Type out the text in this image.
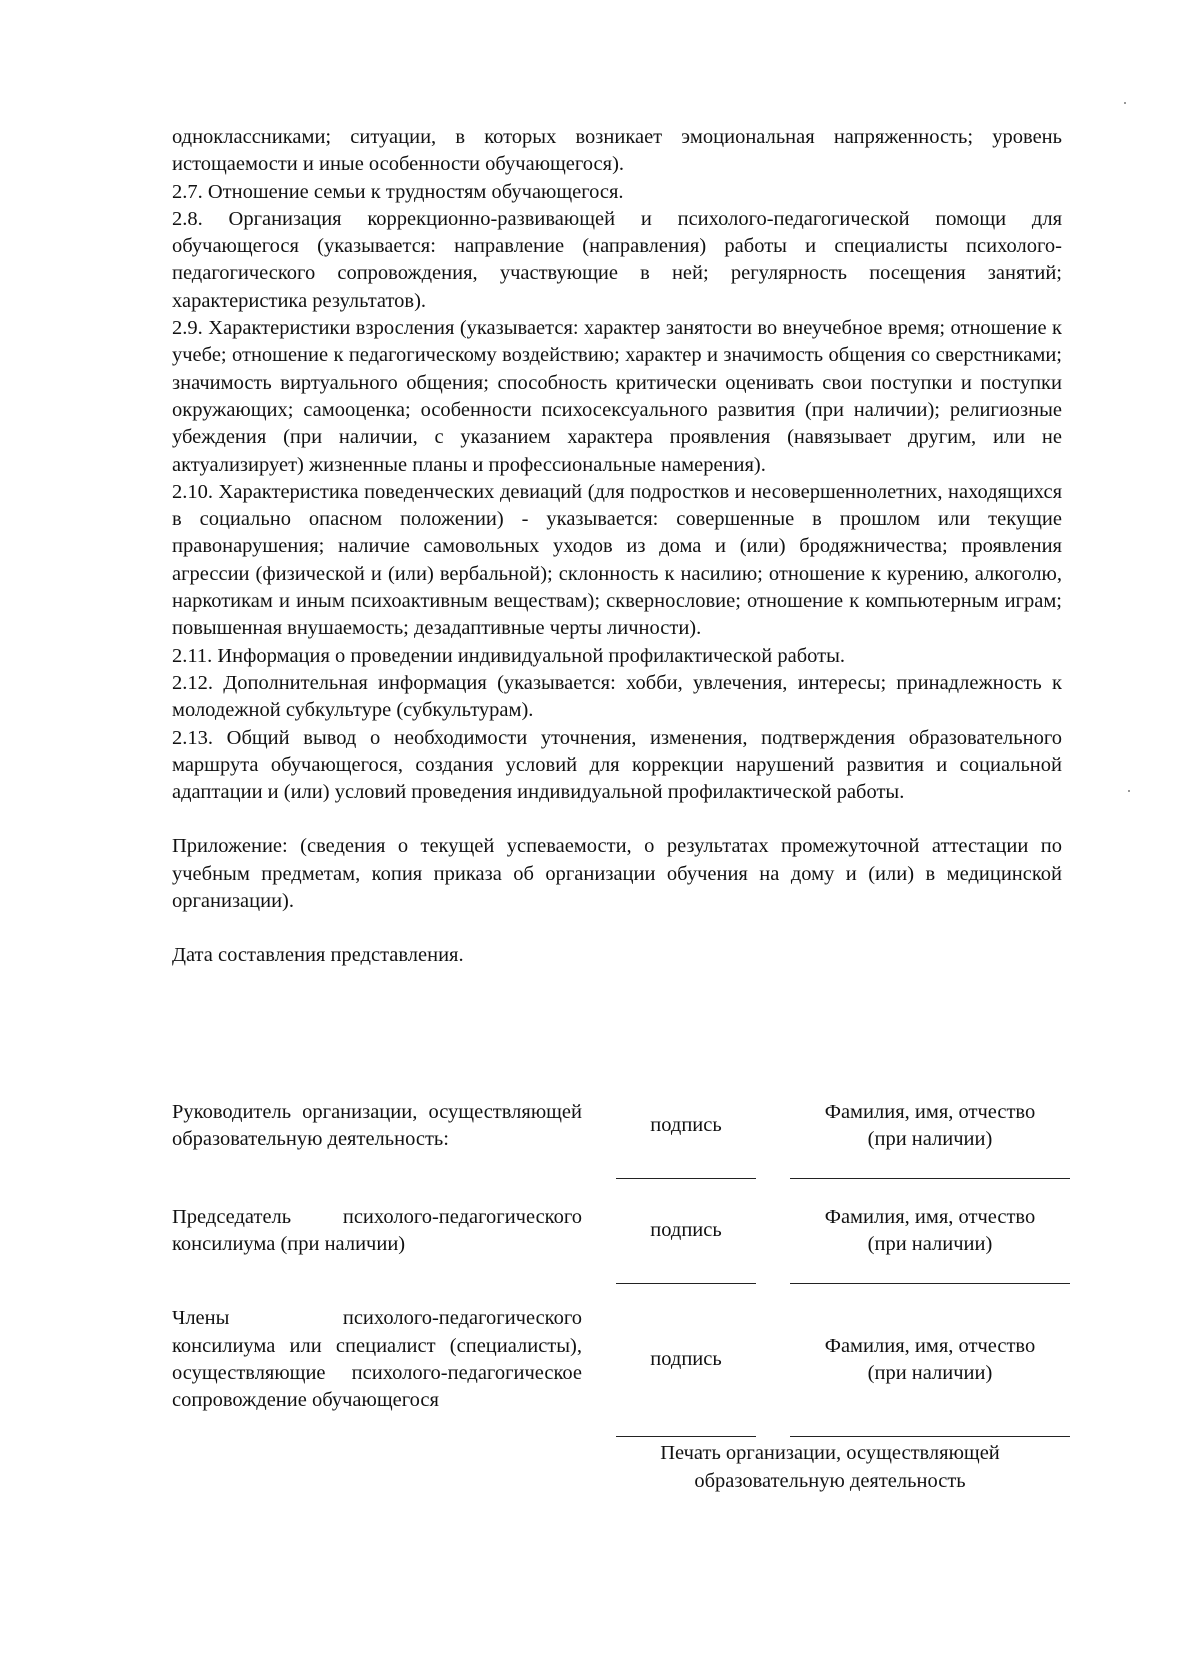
одноклассниками; ситуации, в которых возникает эмоциональная напряженность; уровень истощаемости и иные особенности обучающегося).

2.7. Отношение семьи к трудностям обучающегося.

2.8. Организация коррекционно-развивающей и психолого-педагогической помощи для обучающегося (указывается: направление (направления) работы и специалисты психолого-педагогического сопровождения, участвующие в ней; регулярность посещения занятий; характеристика результатов).

2.9. Характеристики взросления (указывается: характер занятости во внеучебное время; отношение к учебе; отношение к педагогическому воздействию; характер и значимость общения со сверстниками; значимость виртуального общения; способность критически оценивать свои поступки и поступки окружающих; самооценка; особенности психосексуального развития (при наличии); религиозные убеждения (при наличии, с указанием характера проявления (навязывает другим, или не актуализирует) жизненные планы и профессиональные намерения).

2.10. Характеристика поведенческих девиаций (для подростков и несовершеннолетних, находящихся в социально опасном положении) - указывается: совершенные в прошлом или текущие правонарушения; наличие самовольных уходов из дома и (или) бродяжничества; проявления агрессии (физической и (или) вербальной); склонность к насилию; отношение к курению, алкоголю, наркотикам и иным психоактивным веществам); сквернословие; отношение к компьютерным играм; повышенная внушаемость; дезадаптивные черты личности).

2.11. Информация о проведении индивидуальной профилактической работы.

2.12. Дополнительная информация (указывается: хобби, увлечения, интересы; принадлежность к молодежной субкультуре (субкультурам).

2.13. Общий вывод о необходимости уточнения, изменения, подтверждения образовательного маршрута обучающегося, создания условий для коррекции нарушений развития и социальной адаптации и (или) условий проведения индивидуальной профилактической работы.

Приложение: (сведения о текущей успеваемости, о результатах промежуточной аттестации по учебным предметам, копия приказа об организации обучения на дому и (или) в медицинской организации).

Дата составления представления.

Руководитель организации, осуществляющей образовательную деятельность:		подпись		Фамилия, имя, отчество
(при наличии)
Председатель психолого-педагогического консилиума (при наличии)		подпись		Фамилия, имя, отчество
(при наличии)
Члены психолого-педагогического консилиума или специалист (специалисты), осуществляющие психолого-педагогическое сопровождение обучающегося		подпись		Фамилия, имя, отчество
(при наличии)
Печать организации, осуществляющей
образовательную деятельность
